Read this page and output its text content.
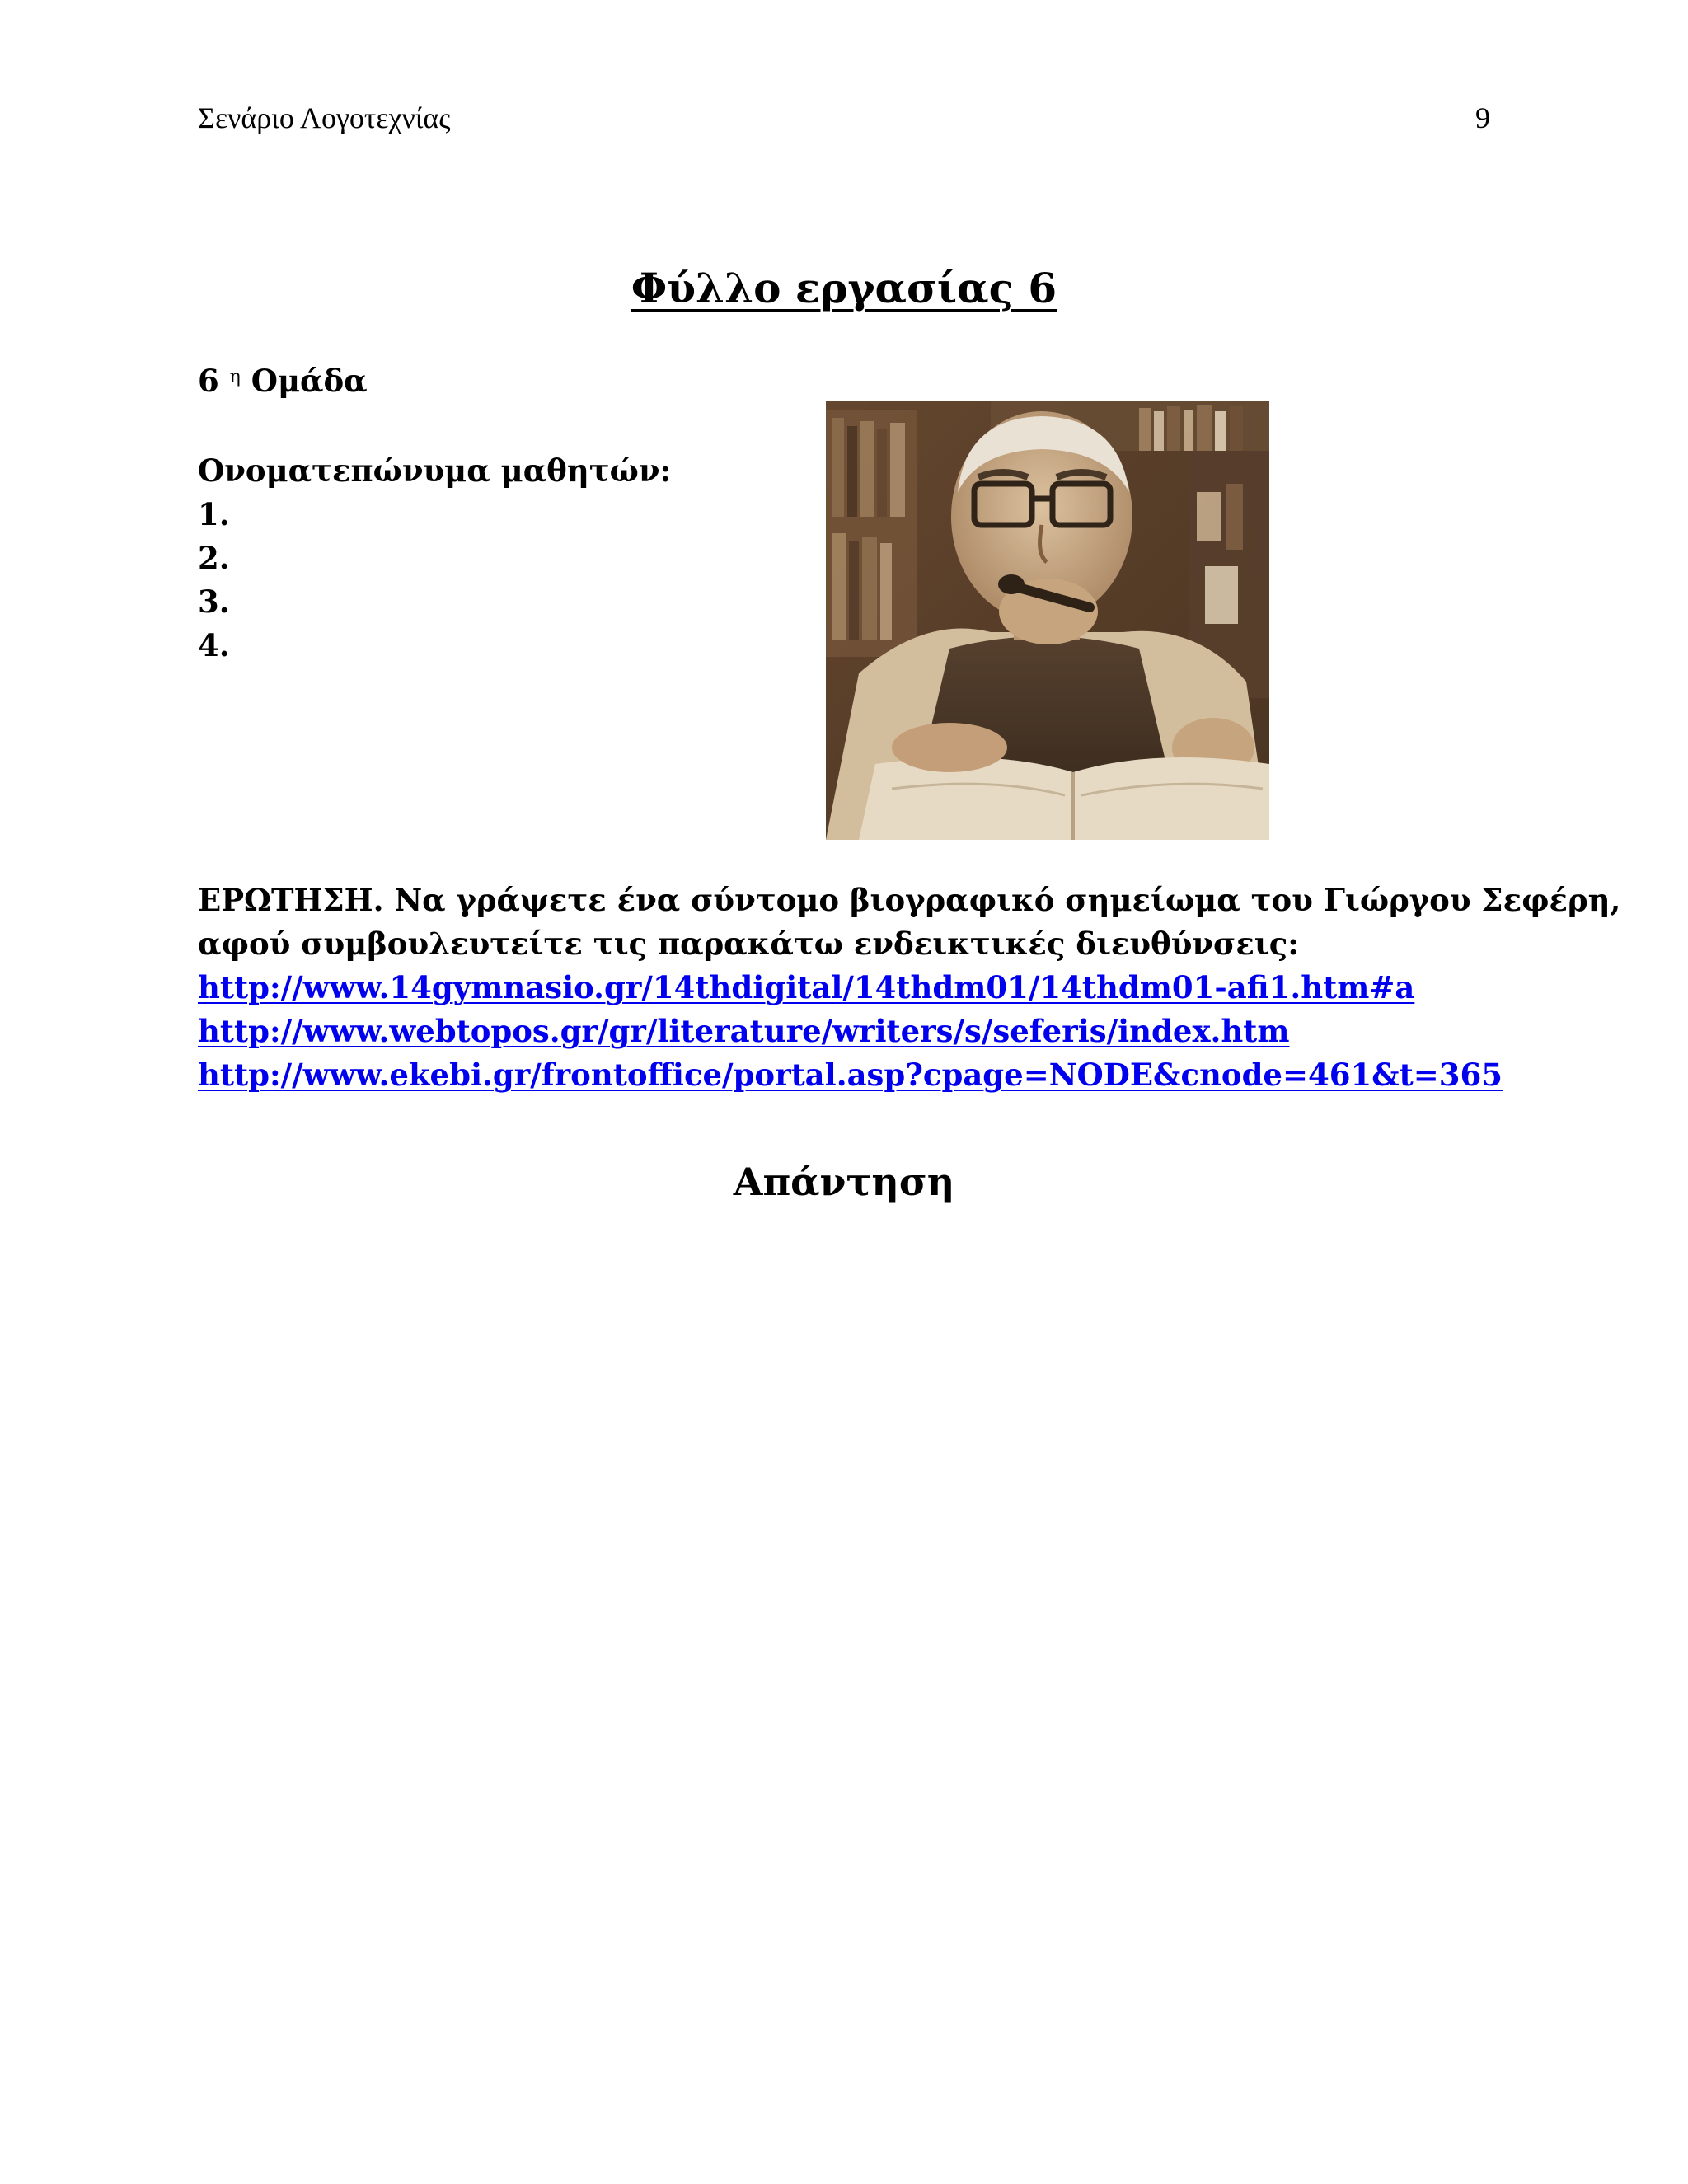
Σενάριο Λογοτεχνίας	9
Φύλλο εργασίας 6
6 $^\eta$ Ομάδα
Ονοματεπώνυμα μαθητών:
1.
2.
3.
4.

ΕΡΩΤΗΣΗ. Να γράψετε ένα σύντομο βιογραφικό σημείωμα του Γιώργου Σεφέρη,

αφού συμβουλευτείτε τις παρακάτω ενδεικτικές διευθύνσεις:

http://www.14gymnasio.gr/14thdigital/14thdm01/14thdm01-afi1.htm#a
http://www.webtopos.gr/gr/literature/writers/s/seferis/index.htm
http://www.ekebi.gr/frontoffice/portal.asp?cpage=NODE&cnode=461&t=365
Απάντηση
